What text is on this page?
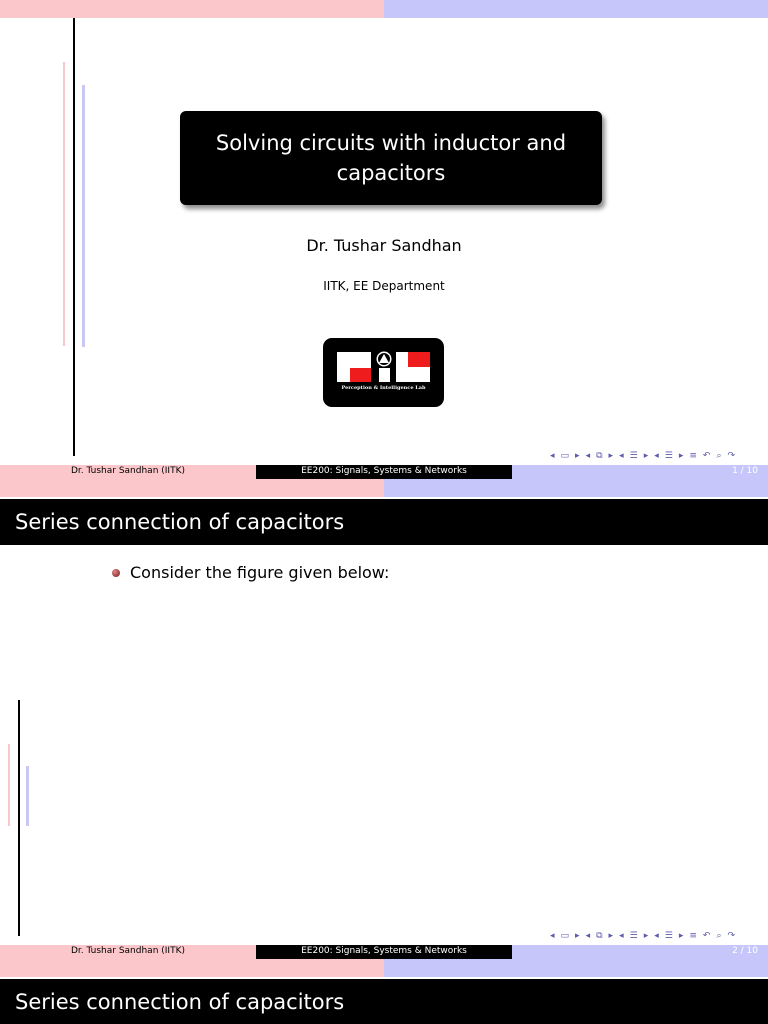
Solving circuits with inductor and capacitors
Dr. Tushar Sandhan
IITK, EE Department
Perception & Intelligence Lab
◂ ▭ ▸ ◂ ⧉ ▸ ◂ ☰ ▸ ◂ ☰ ▸ ≡ ↶ ⌕ ↷
Dr. Tushar Sandhan (IITK)	EE200: Signals, Systems & Networks	1 / 10
Series connection of capacitors
Consider the figure given below:
◂ ▭ ▸ ◂ ⧉ ▸ ◂ ☰ ▸ ◂ ☰ ▸ ≡ ↶ ⌕ ↷
Dr. Tushar Sandhan (IITK)	EE200: Signals, Systems & Networks	2 / 10
Series connection of capacitors
